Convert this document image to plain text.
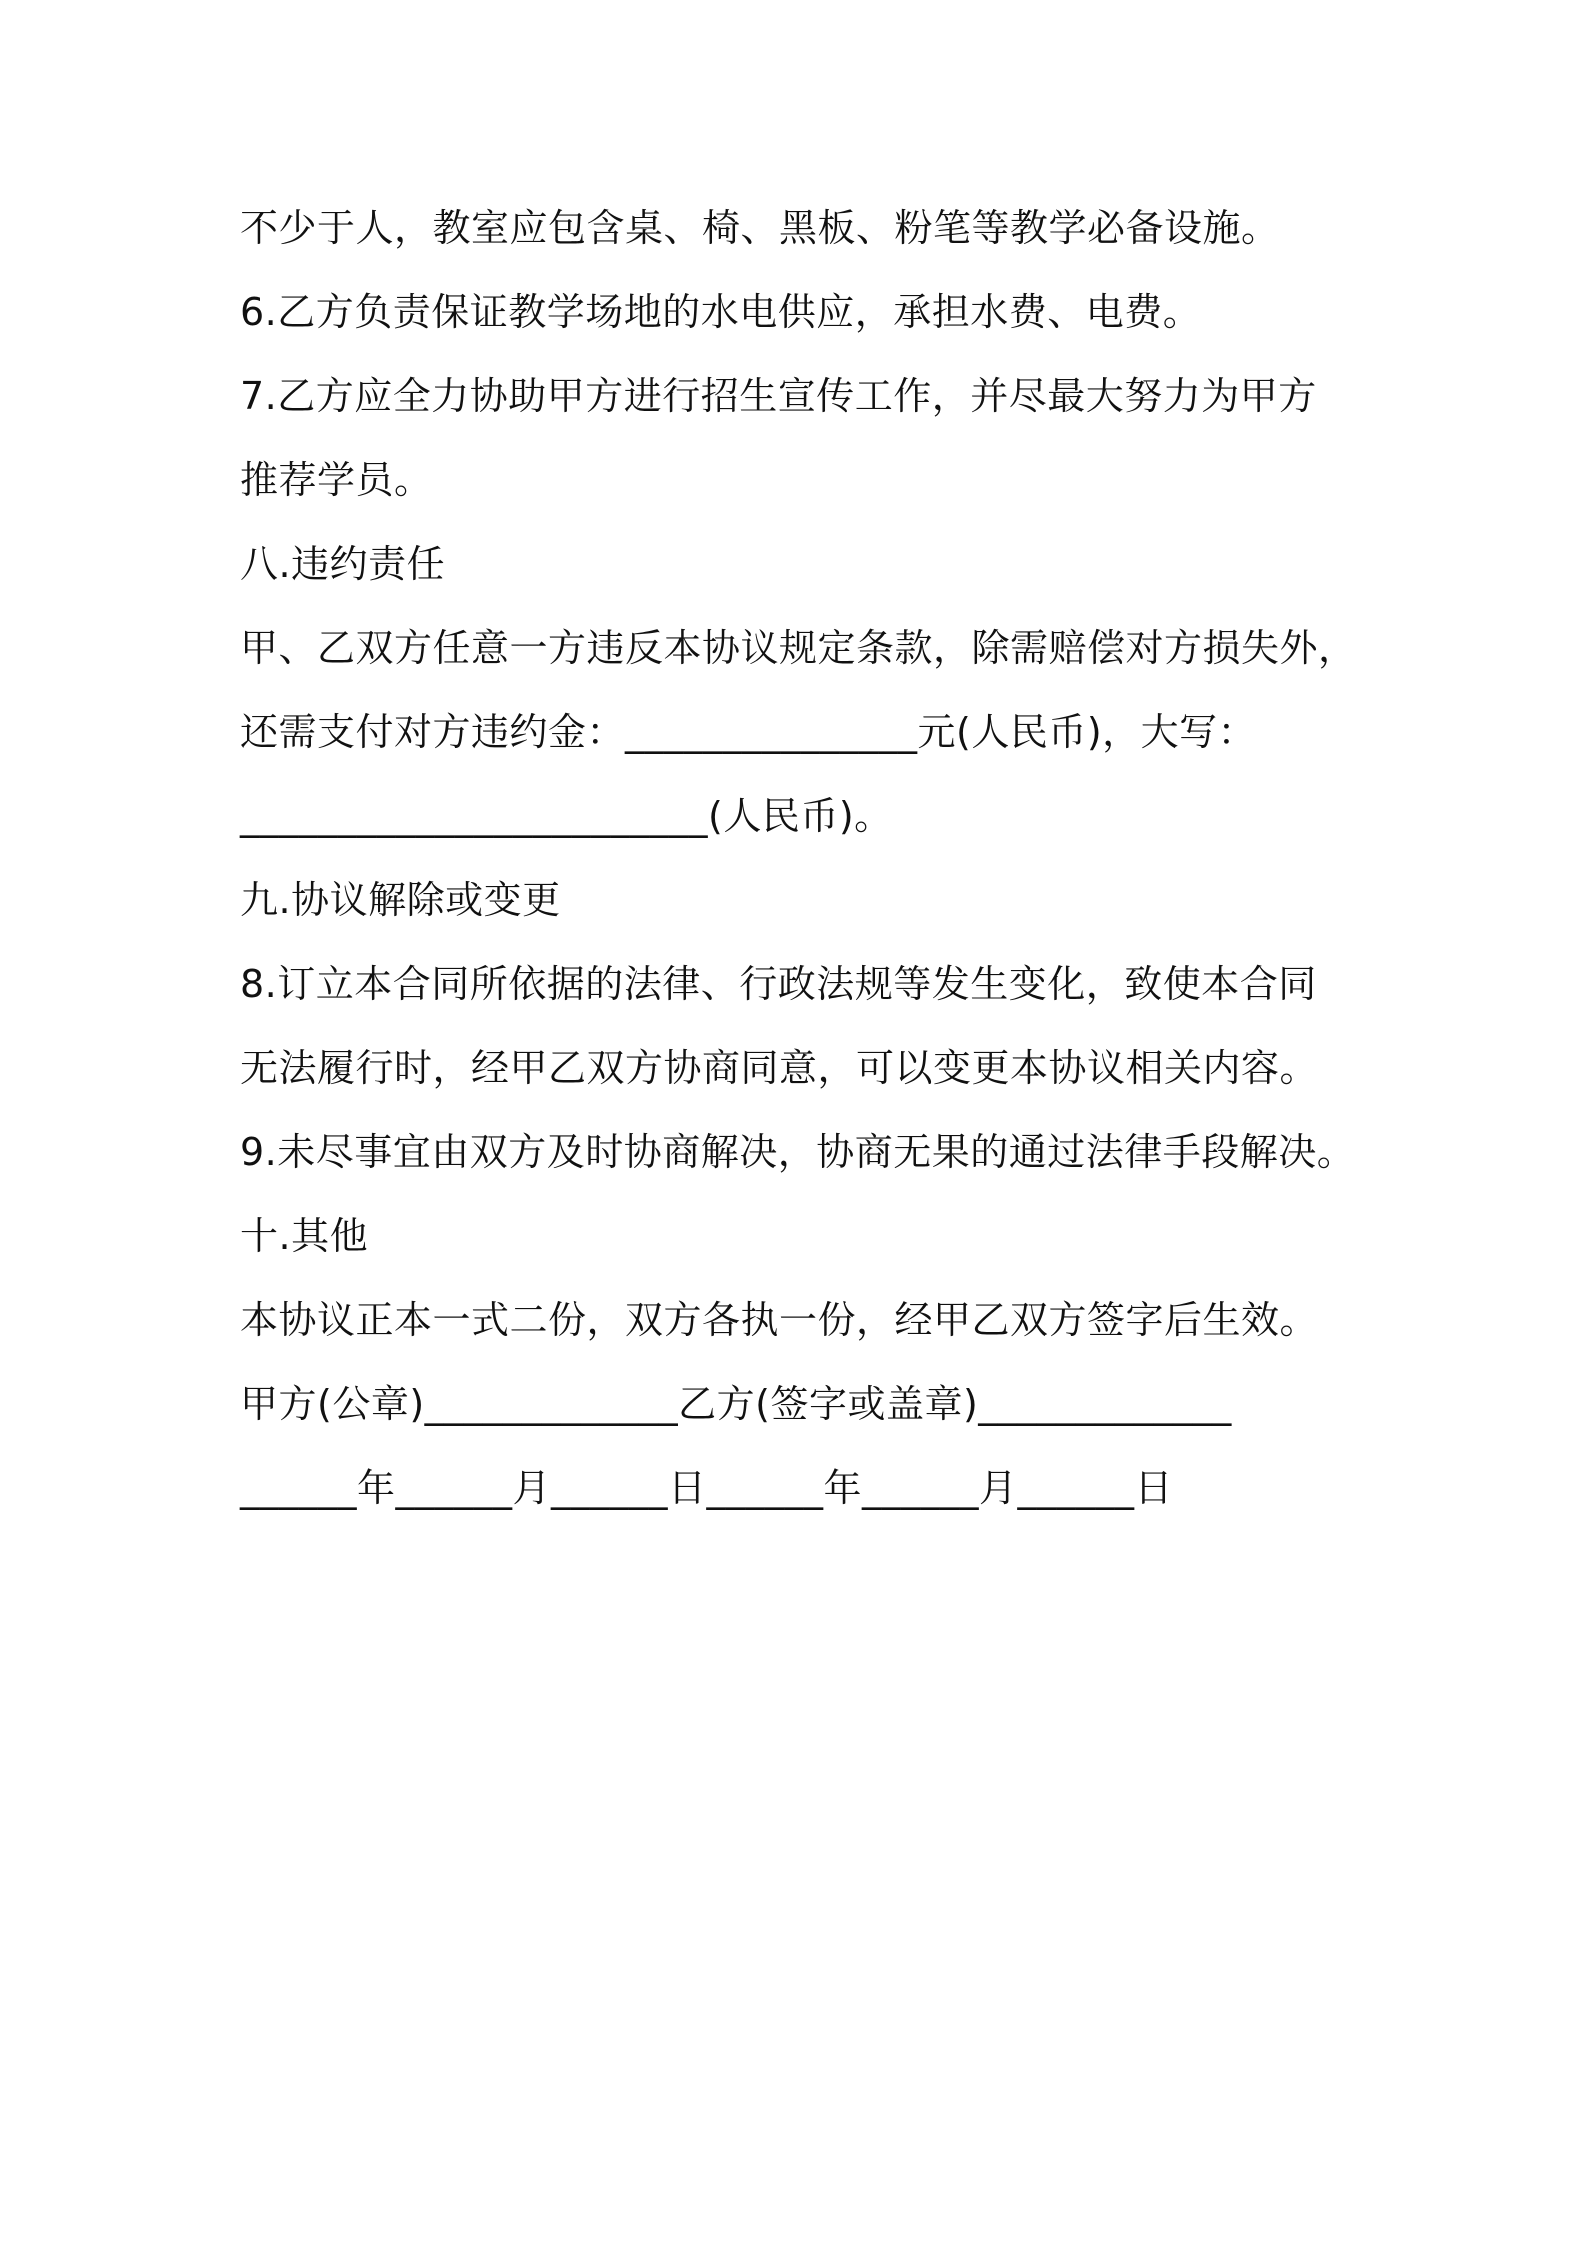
不少于人，教室应包含桌、椅、黑板、粉笔等教学必备设施。
6.乙方负责保证教学场地的水电供应，承担水费、电费。
7.乙方应全力协助甲方进行招生宣传工作，并尽最大努力为甲方
推荐学员。
八.违约责任
甲、乙双方任意一方违反本协议规定条款，除需赔偿对方损失外，
还需支付对方违约金：_______________元(人民币)，大写：
________________________(人民币)。
九.协议解除或变更
8.订立本合同所依据的法律、行政法规等发生变化，致使本合同
无法履行时，经甲乙双方协商同意，可以变更本协议相关内容。
9.未尽事宜由双方及时协商解决，协商无果的通过法律手段解决。
十.其他
本协议正本一式二份，双方各执一份，经甲乙双方签字后生效。
甲方(公章)_____________乙方(签字或盖章)_____________
______年______月______日______年______月______日
